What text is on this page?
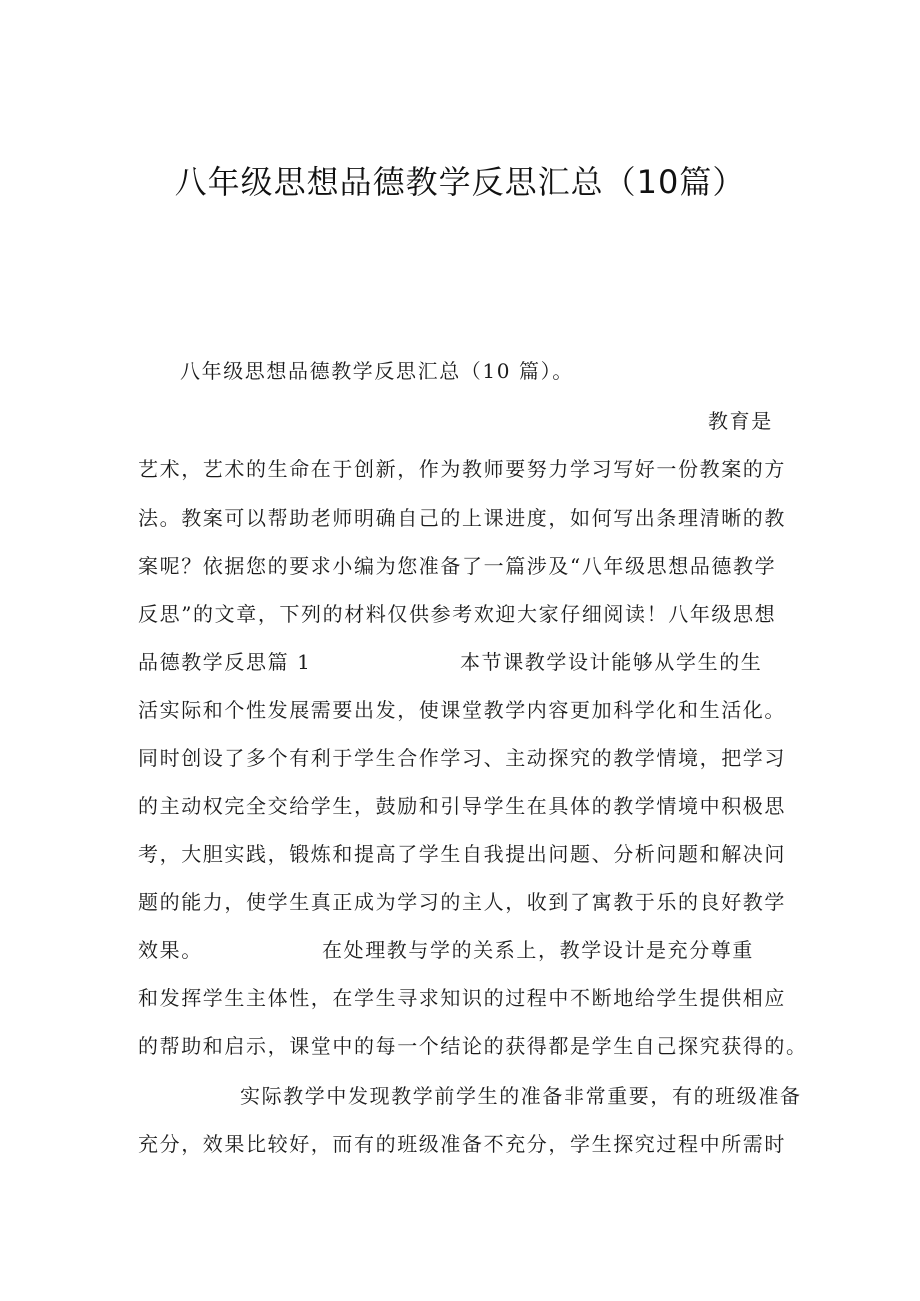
八年级思想品德教学反思汇总（10篇）
八年级思想品德教学反思汇总（10 篇）。
教育是
艺术，艺术的生命在于创新，作为教师要努力学习写好一份教案的方
法。教案可以帮助老师明确自己的上课进度，如何写出条理清晰的教
案呢？依据您的要求小编为您准备了一篇涉及“八年级思想品德教学
反思”的文章，下列的材料仅供参考欢迎大家仔细阅读！八年级思想
品德教学反思篇 1	本节课教学设计能够从学生的生
活实际和个性发展需要出发，使课堂教学内容更加科学化和生活化。
同时创设了多个有利于学生合作学习、主动探究的教学情境，把学习
的主动权完全交给学生，鼓励和引导学生在具体的教学情境中积极思
考，大胆实践，锻炼和提高了学生自我提出问题、分析问题和解决问
题的能力，使学生真正成为学习的主人，收到了寓教于乐的良好教学
效果。	在处理教与学的关系上，教学设计是充分尊重
和发挥学生主体性，在学生寻求知识的过程中不断地给学生提供相应
的帮助和启示，课堂中的每一个结论的获得都是学生自己探究获得的。
实际教学中发现教学前学生的准备非常重要，有的班级准备
充分，效果比较好，而有的班级准备不充分，学生探究过程中所需时
